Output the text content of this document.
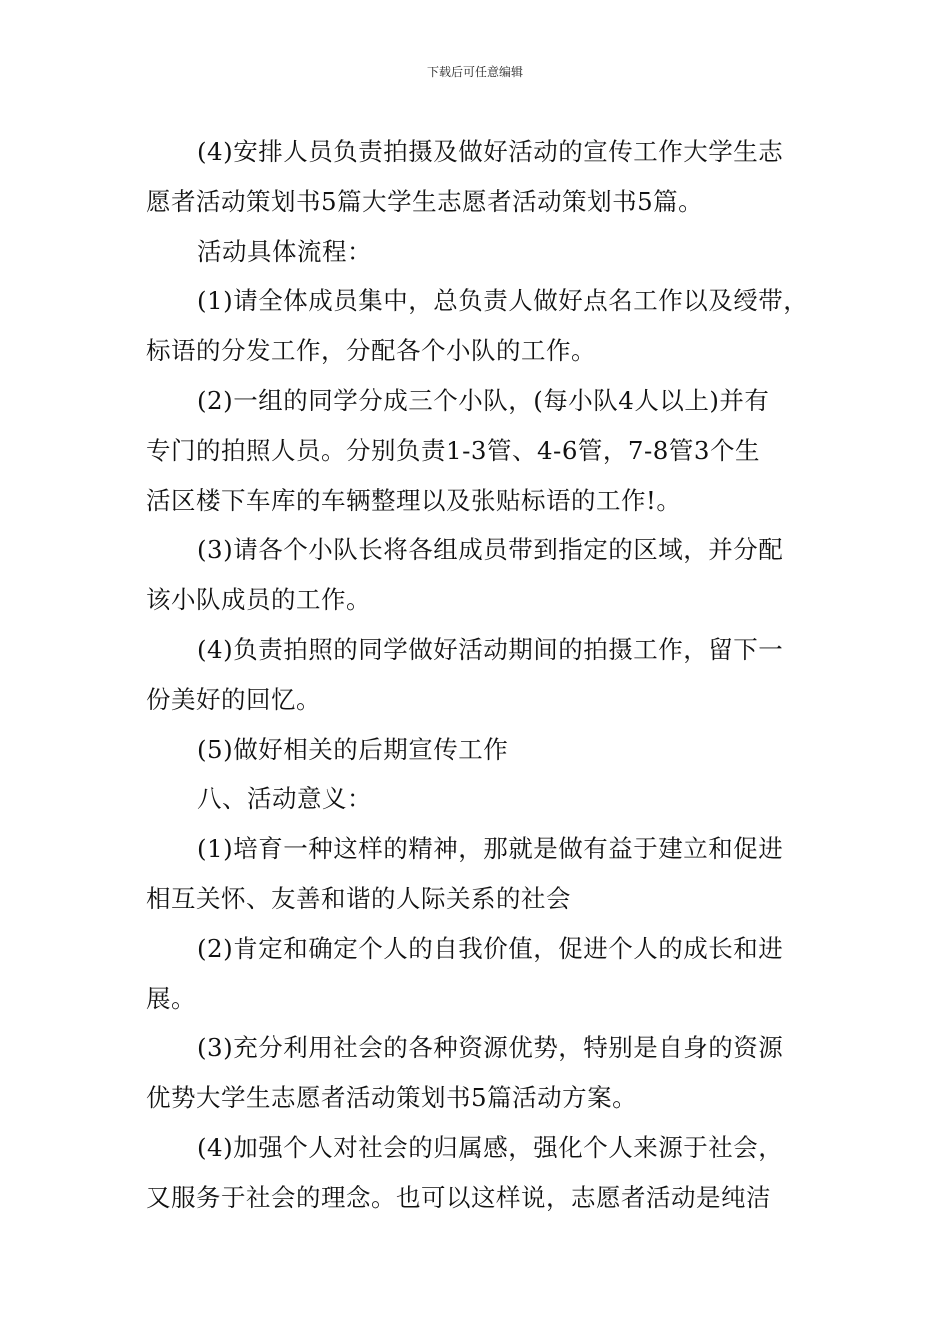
下载后可任意编辑
(4)安排人员负责拍摄及做好活动的宣传工作大学生志
愿者活动策划书5篇大学生志愿者活动策划书5篇。
活动具体流程：
(1)请全体成员集中，总负责人做好点名工作以及绶带，
标语的分发工作，分配各个小队的工作。
(2)一组的同学分成三个小队，(每小队4人以上)并有
专门的拍照人员。分别负责1-3管、4-6管，7-8管3个生
活区楼下车库的车辆整理以及张贴标语的工作!。
(3)请各个小队长将各组成员带到指定的区域，并分配
该小队成员的工作。
(4)负责拍照的同学做好活动期间的拍摄工作，留下一
份美好的回忆。
(5)做好相关的后期宣传工作
八、活动意义：
(1)培育一种这样的精神，那就是做有益于建立和促进
相互关怀、友善和谐的人际关系的社会
(2)肯定和确定个人的自我价值，促进个人的成长和进
展。
(3)充分利用社会的各种资源优势，特别是自身的资源
优势大学生志愿者活动策划书5篇活动方案。
(4)加强个人对社会的归属感，强化个人来源于社会，
又服务于社会的理念。也可以这样说，志愿者活动是纯洁
